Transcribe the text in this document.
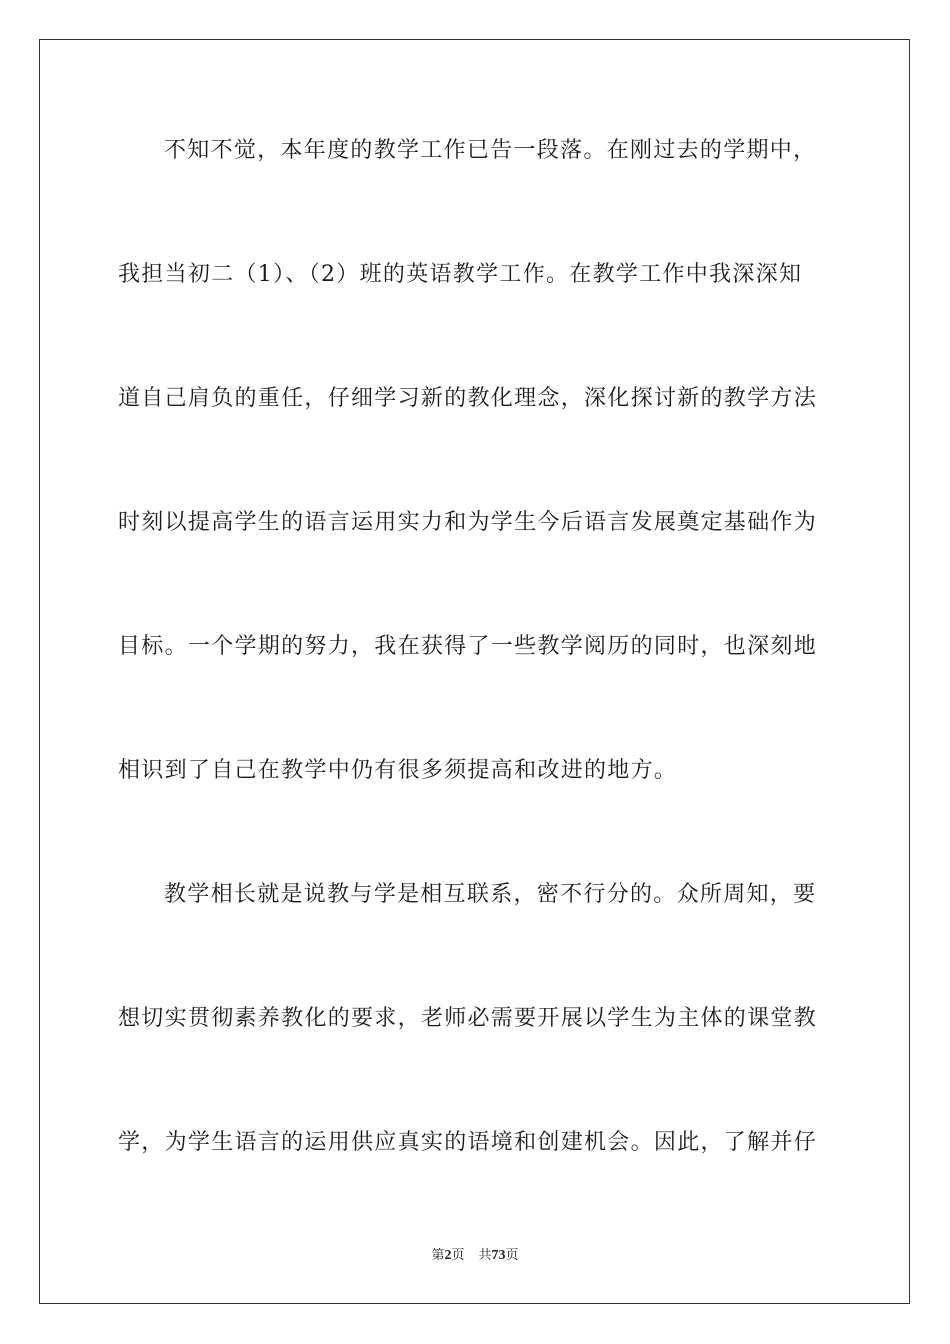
不知不觉，本年度的教学工作已告一段落。在刚过去的学期中，
我担当初二（1）、（2）班的英语教学工作。在教学工作中我深深知
道自己肩负的重任，仔细学习新的教化理念，深化探讨新的教学方法
时刻以提高学生的语言运用实力和为学生今后语言发展奠定基础作为
目标。一个学期的努力，我在获得了一些教学阅历的同时，也深刻地
相识到了自己在教学中仍有很多须提高和改进的地方。
教学相长就是说教与学是相互联系，密不行分的。众所周知，要
想切实贯彻素养教化的要求，老师必需要开展以学生为主体的课堂教
学，为学生语言的运用供应真实的语境和创建机会。因此，了解并仔
第2页 共73页
